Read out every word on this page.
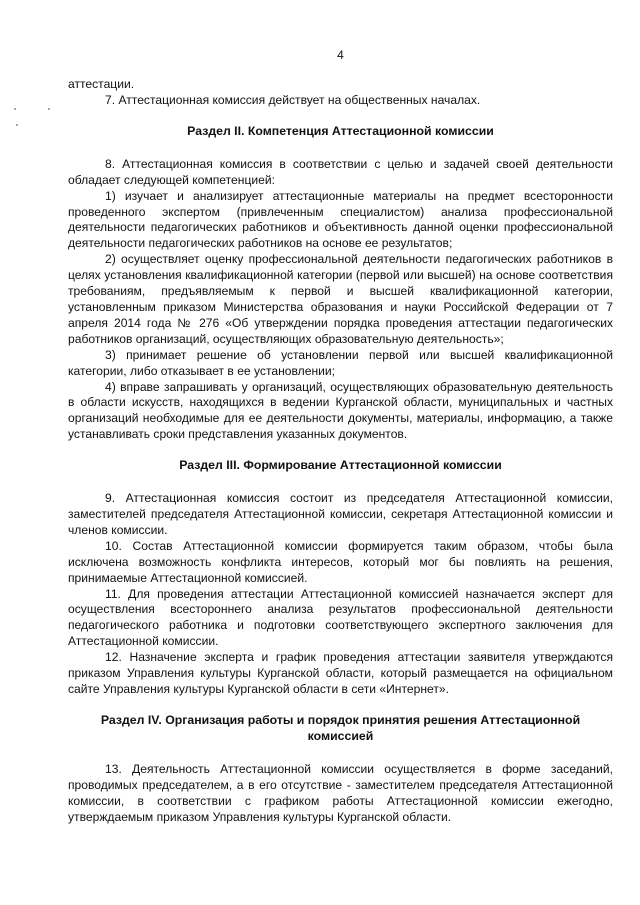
4

аттестации.

7. Аттестационная комиссия действует на общественных началах.

Раздел II. Компетенция Аттестационной комиссии

8. Аттестационная комиссия в соответствии с целью и задачей своей деятельности обладает следующей компетенцией:

1) изучает и анализирует аттестационные материалы на предмет всесторонности проведенного экспертом (привлеченным специалистом) анализа профессиональной деятельности педагогических работников и объективность данной оценки профессиональной деятельности педагогических работников на основе ее результатов;

2) осуществляет оценку профессиональной деятельности педагогических работников в целях установления квалификационной категории (первой или высшей) на основе соответствия требованиям, предъявляемым к первой и высшей квалификационной категории, установленным приказом Министерства образования и науки Российской Федерации от 7 апреля 2014 года № 276 «Об утверждении порядка проведения аттестации педагогических работников организаций, осуществляющих образовательную деятельность»;

3) принимает решение об установлении первой или высшей квалификационной категории, либо отказывает в ее установлении;

4) вправе запрашивать у организаций, осуществляющих образовательную деятельность в области искусств, находящихся в ведении Курганской области, муниципальных и частных организаций необходимые для ее деятельности документы, материалы, информацию, а также устанавливать сроки представления указанных документов.

Раздел III. Формирование Аттестационной комиссии

9. Аттестационная комиссия состоит из председателя Аттестационной комиссии, заместителей председателя Аттестационной комиссии, секретаря Аттестационной комиссии и членов комиссии.

10. Состав Аттестационной комиссии формируется таким образом, чтобы была исключена возможность конфликта интересов, который мог бы повлиять на решения, принимаемые Аттестационной комиссией.

11. Для проведения аттестации Аттестационной комиссией назначается эксперт для осуществления всестороннего анализа результатов профессиональной деятельности педагогического работника и подготовки соответствующего экспертного заключения для Аттестационной комиссии.

12. Назначение эксперта и график проведения аттестации заявителя утверждаются приказом Управления культуры Курганской области, который размещается на официальном сайте Управления культуры Курганской области в сети «Интернет».

Раздел IV. Организация работы и порядок принятия решения Аттестационной

комиссией

13. Деятельность Аттестационной комиссии осуществляется в форме заседаний, проводимых председателем, а в его отсутствие - заместителем председателя Аттестационной комиссии, в соответствии с графиком работы Аттестационной комиссии ежегодно, утверждаемым приказом Управления культуры Курганской области.
